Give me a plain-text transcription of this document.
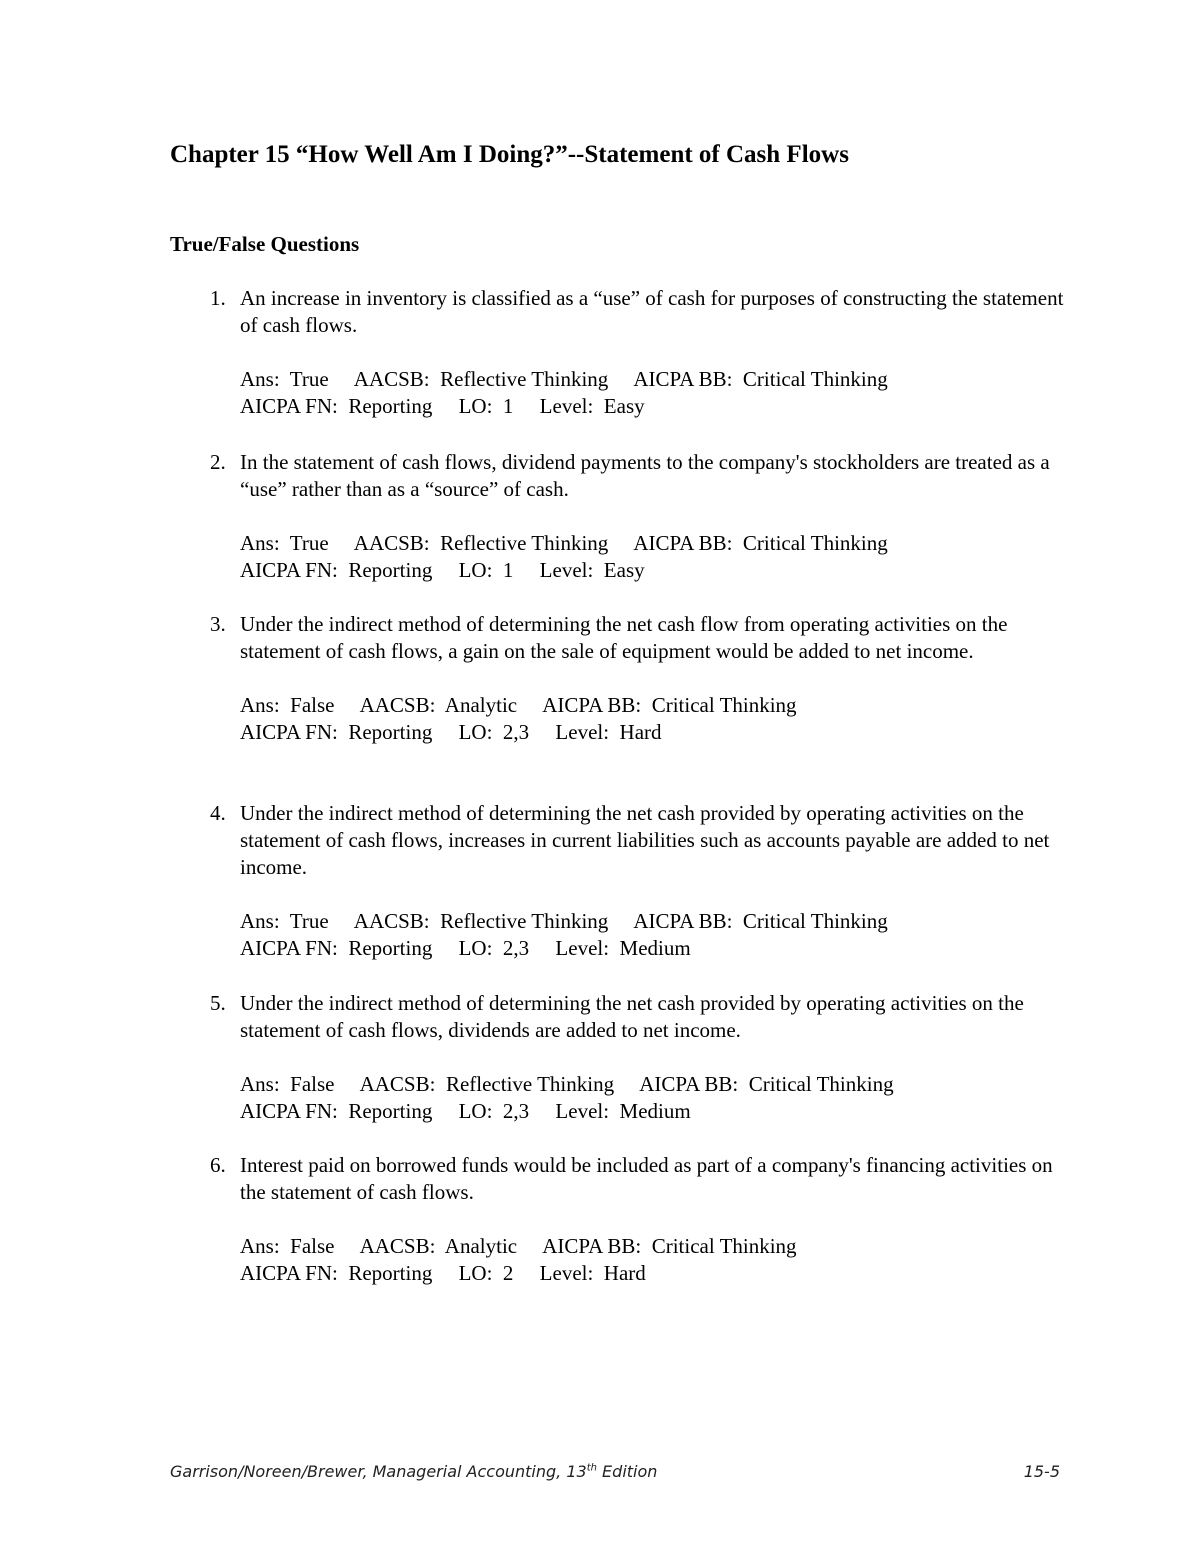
Chapter 15 “How Well Am I Doing?”--Statement of Cash Flows
True/False Questions
1. An increase in inventory is classified as a “use” of cash for purposes of constructing the statement of cash flows.
Ans:  True     AACSB:  Reflective Thinking     AICPA BB:  Critical Thinking
AICPA FN:  Reporting     LO:  1     Level:  Easy
2. In the statement of cash flows, dividend payments to the company's stockholders are treated as a “use” rather than as a “source” of cash.
Ans:  True     AACSB:  Reflective Thinking     AICPA BB:  Critical Thinking
AICPA FN:  Reporting     LO:  1     Level:  Easy
3. Under the indirect method of determining the net cash flow from operating activities on the statement of cash flows, a gain on the sale of equipment would be added to net income.
Ans:  False     AACSB:  Analytic     AICPA BB:  Critical Thinking
AICPA FN:  Reporting     LO:  2,3     Level:  Hard
4. Under the indirect method of determining the net cash provided by operating activities on the statement of cash flows, increases in current liabilities such as accounts payable are added to net income.
Ans:  True     AACSB:  Reflective Thinking     AICPA BB:  Critical Thinking
AICPA FN:  Reporting     LO:  2,3     Level:  Medium
5. Under the indirect method of determining the net cash provided by operating activities on the statement of cash flows, dividends are added to net income.
Ans:  False     AACSB:  Reflective Thinking     AICPA BB:  Critical Thinking
AICPA FN:  Reporting     LO:  2,3     Level:  Medium
6. Interest paid on borrowed funds would be included as part of a company's financing activities on the statement of cash flows.
Ans:  False     AACSB:  Analytic     AICPA BB:  Critical Thinking
AICPA FN:  Reporting     LO:  2     Level:  Hard
Garrison/Noreen/Brewer, Managerial Accounting, 13th Edition	15-5
